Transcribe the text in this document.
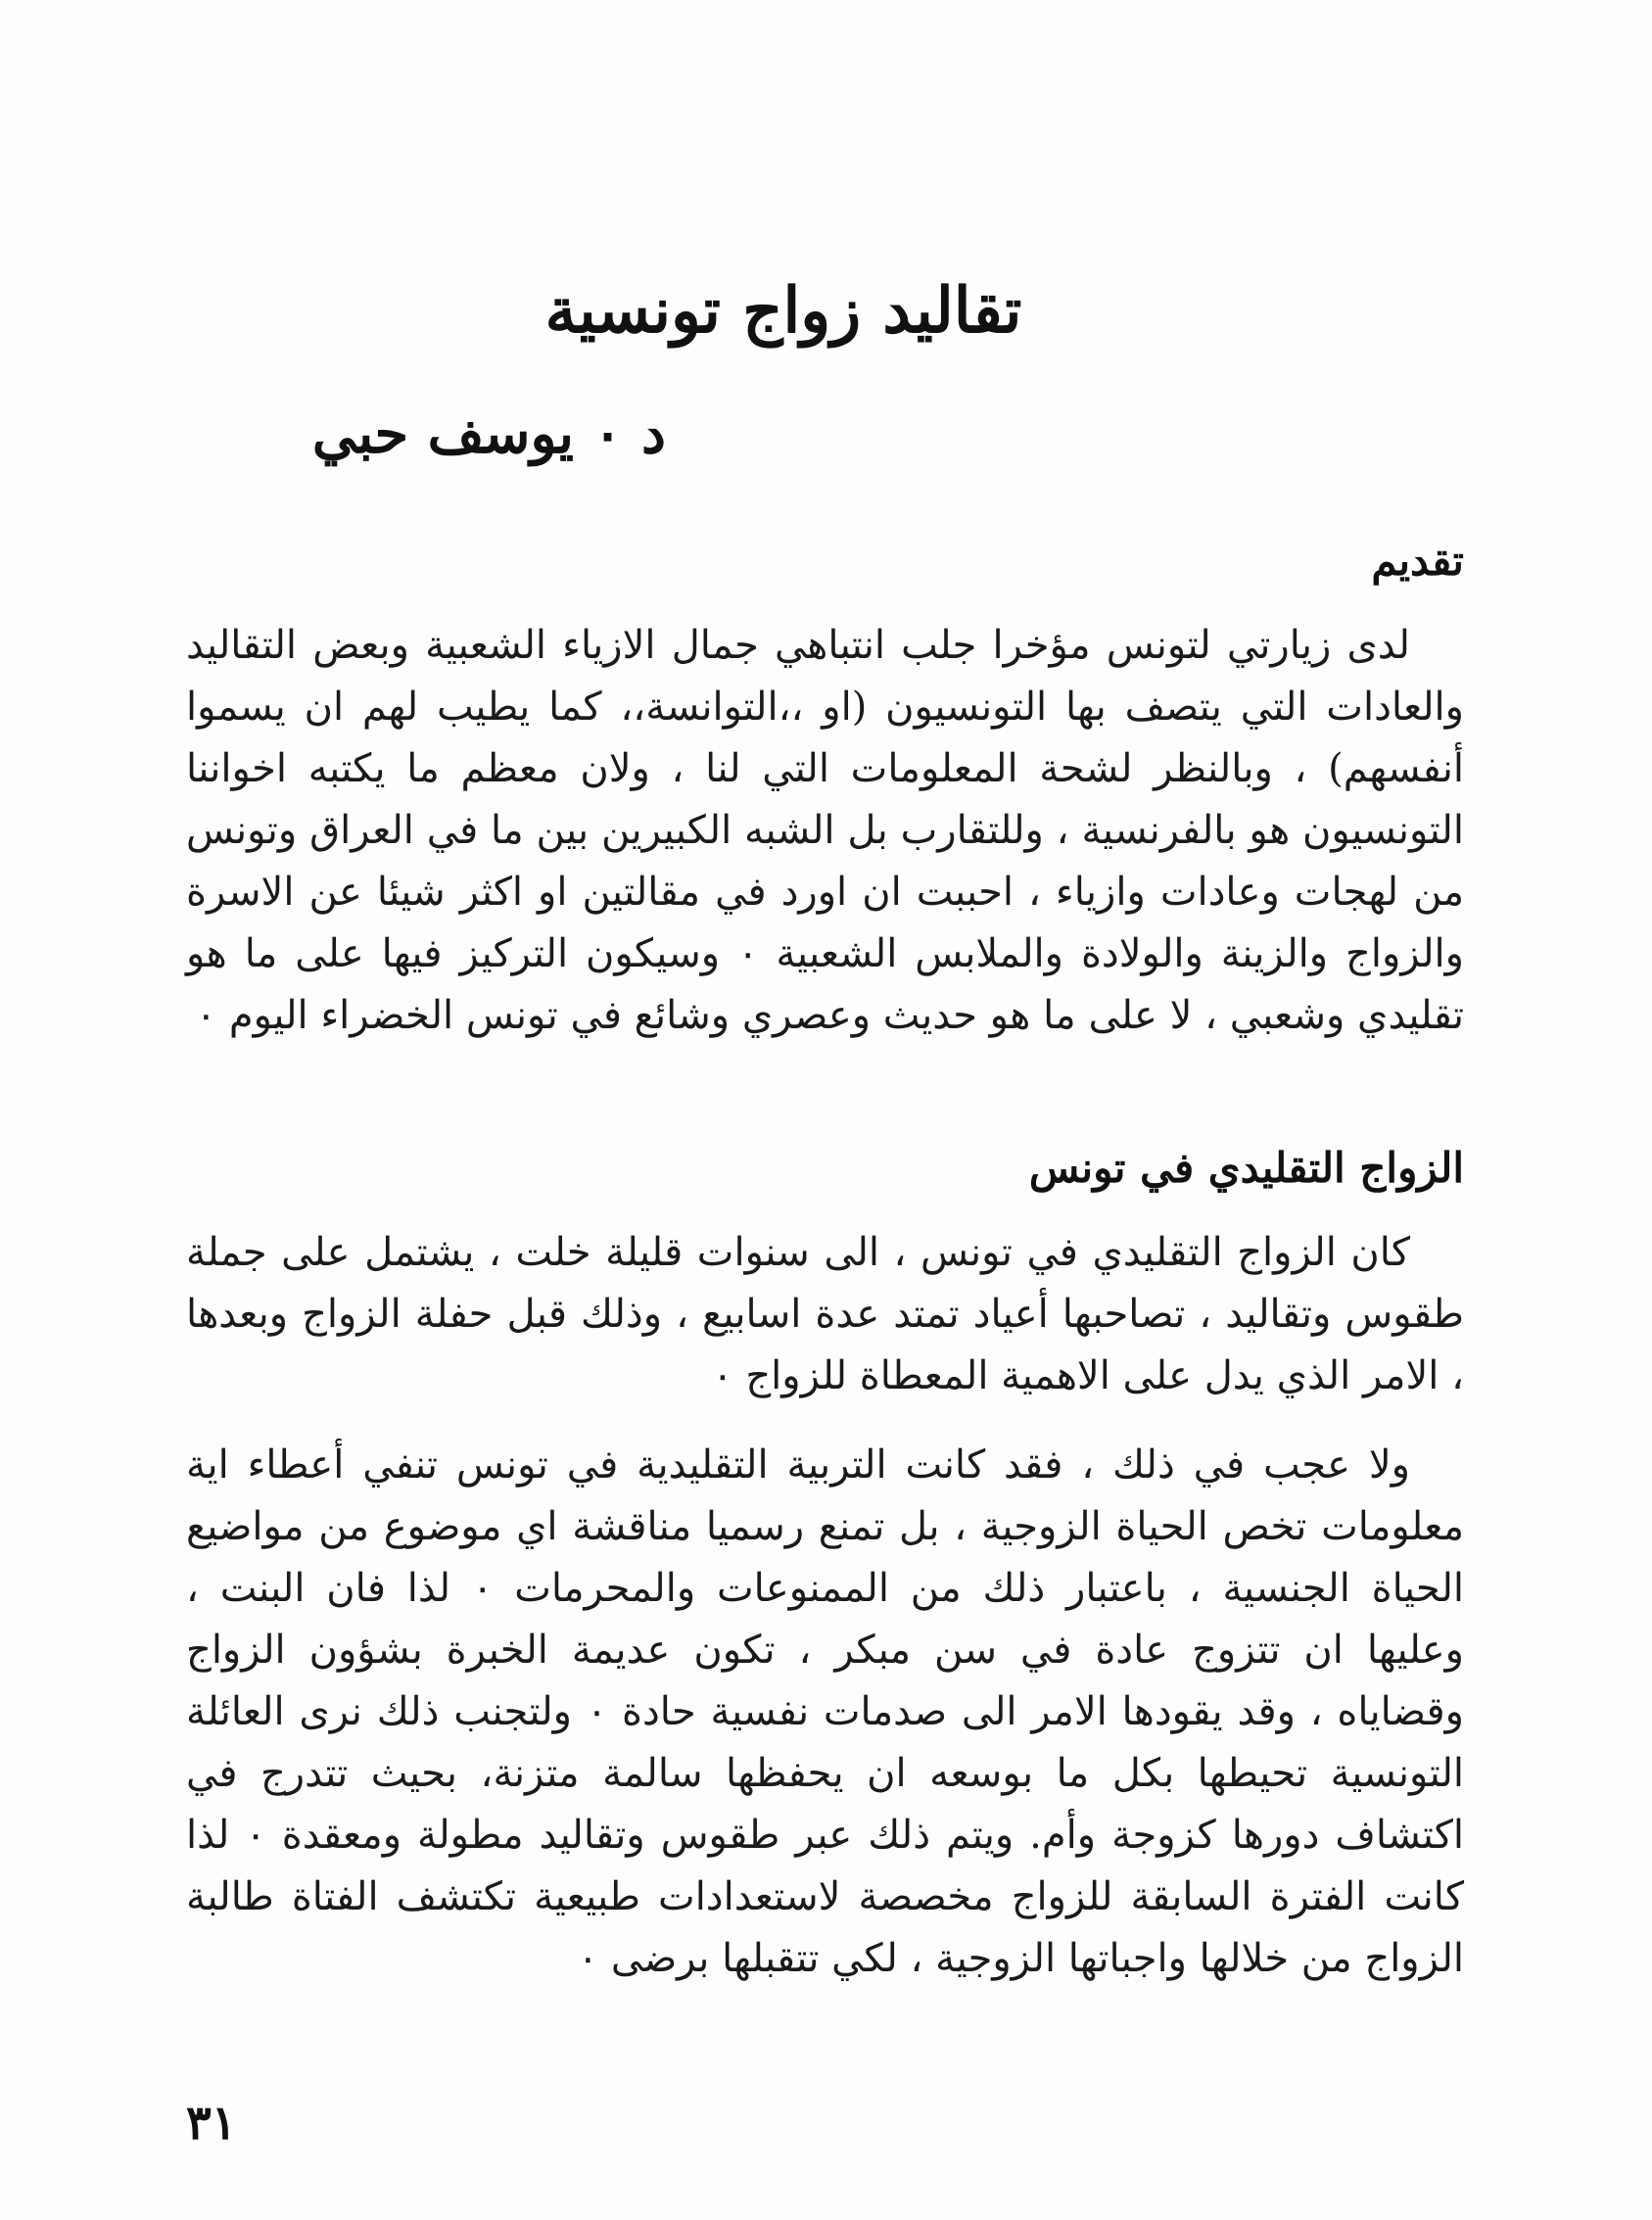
تقاليد زواج تونسية
د ٠ يوسف حبي
تقديم

لدى زيارتي لتونس مؤخرا جلب انتباهي جمال الازياء الشعبية وبعض التقاليد والعادات التي يتصف بها التونسيون (او ،،التوانسة،، كما يطيب لهم ان يسموا أنفسهم) ، وبالنظر لشحة المعلومات التي لنا ، ولان معظم ما يكتبه اخواننا التونسيون هو بالفرنسية ، وللتقارب بل الشبه الكبيرين بين ما في العراق وتونس من لهجات وعادات وازياء ، احببت ان اورد في مقالتين او اكثر شيئا عن الاسرة والزواج والزينة والولادة والملابس الشعبية ٠ وسيكون التركيز فيها على ما هو تقليدي وشعبي ، لا على ما هو حديث وعصري وشائع في تونس الخضراء اليوم ٠

الزواج التقليدي في تونس

كان الزواج التقليدي في تونس ، الى سنوات قليلة خلت ، يشتمل على جملة طقوس وتقاليد ، تصاحبها أعياد تمتد عدة اسابيع ، وذلك قبل حفلة الزواج وبعدها ، الامر الذي يدل على الاهمية المعطاة للزواج ٠

ولا عجب في ذلك ، فقد كانت التربية التقليدية في تونس تنفي أعطاء اية معلومات تخص الحياة الزوجية ، بل تمنع رسميا مناقشة اي موضوع من مواضيع الحياة الجنسية ، باعتبار ذلك من الممنوعات والمحرمات ٠ لذا فان البنت ، وعليها ان تتزوج عادة في سن مبكر ، تكون عديمة الخبرة بشؤون الزواج وقضاياه ، وقد يقودها الامر الى صدمات نفسية حادة ٠ ولتجنب ذلك نرى العائلة التونسية تحيطها بكل ما بوسعه ان يحفظها سالمة متزنة، بحيث تتدرج في اكتشاف دورها كزوجة وأم. ويتم ذلك عبر طقوس وتقاليد مطولة ومعقدة ٠ لذا كانت الفترة السابقة للزواج مخصصة لاستعدادات طبيعية تكتشف الفتاة طالبة الزواج من خلالها واجباتها الزوجية ، لكي تتقبلها برضى ٠

٣١
